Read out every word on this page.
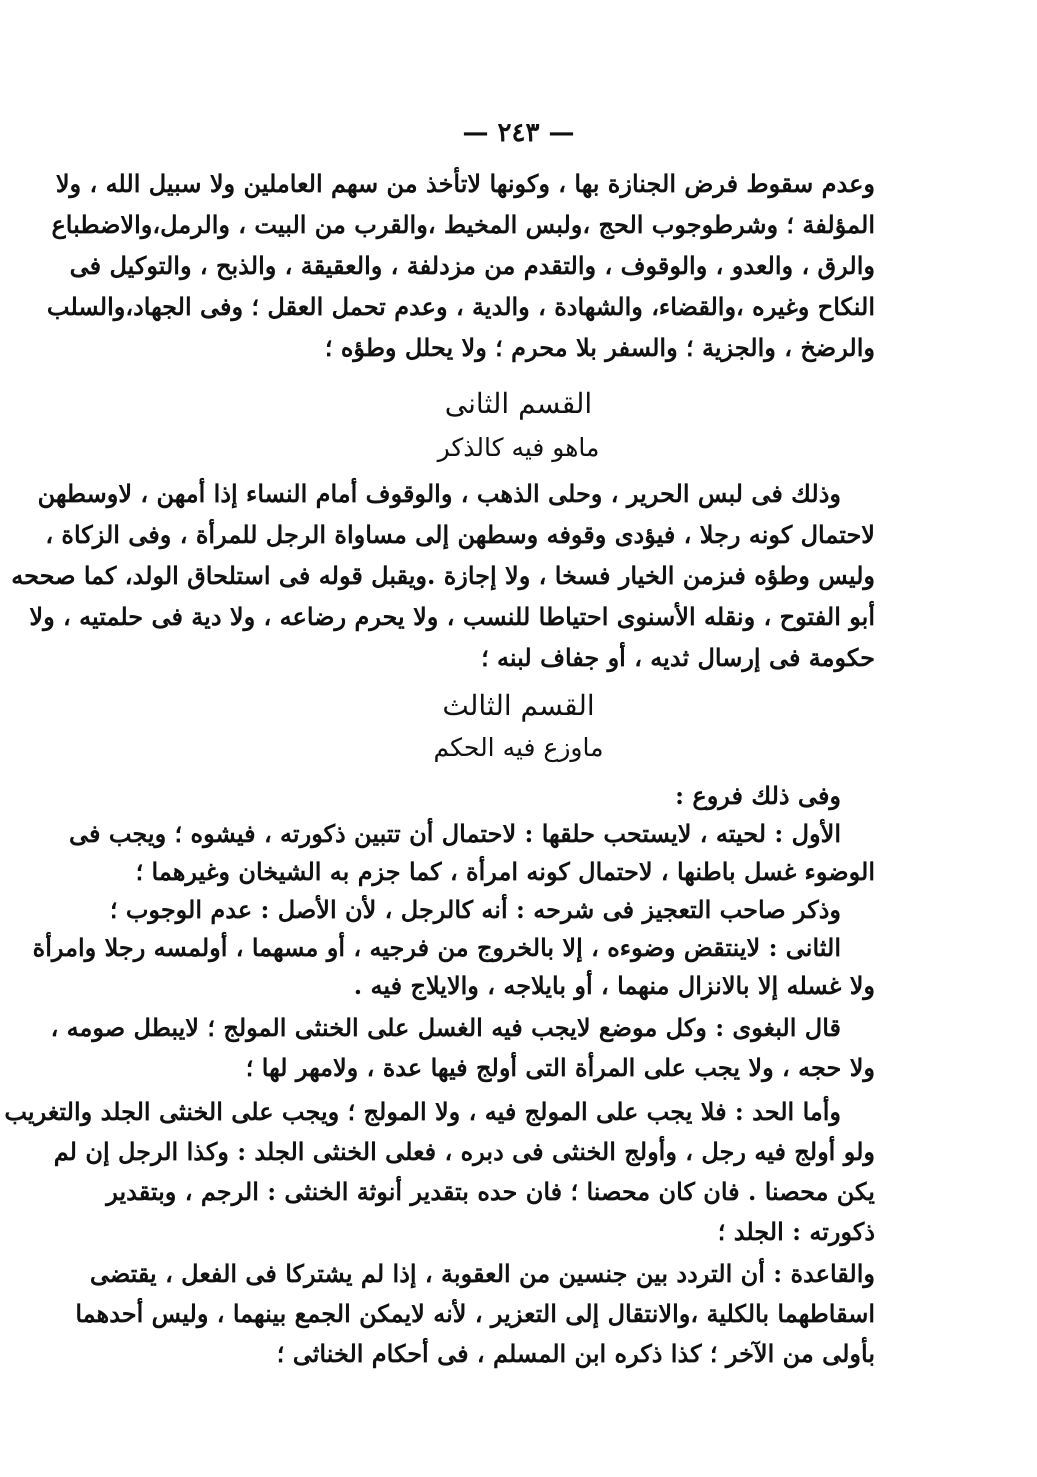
— ٢٤٣ —
وعدم سقوط فرض الجنازة بها ، وكونها لاتأخذ من سهم العاملين ولا سبيل الله ، ولا
المؤلفة ؛ وشرطوجوب الحج ،ولبس المخيط ،والقرب من البيت ، والرمل،والاضطباع
والرق ، والعدو ، والوقوف ، والتقدم من مزدلفة ، والعقيقة ، والذبح ، والتوكيل فى
النكاح وغيره ،والقضاء، والشهادة ، والدية ، وعدم تحمل العقل ؛ وفى الجهاد،والسلب
والرضخ ، والجزية ؛ والسفر بلا محرم ؛ ولا يحلل وطؤه ؛
القسم الثانى
ماهو فيه كالذكر
وذلك فى لبس الحرير ، وحلى الذهب ، والوقوف أمام النساء إذا أمهن ، لاوسطهن
لاحتمال كونه رجلا ، فيؤدى وقوفه وسطهن إلى مساواة الرجل للمرأة ، وفى الزكاة ،
وليس وطؤه فىزمن الخيار فسخا ، ولا إجازة .ويقبل قوله فى استلحاق الولد، كما صححه
أبو الفتوح ، ونقله الأسنوى احتياطا للنسب ، ولا يحرم رضاعه ، ولا دية فى حلمتيه ، ولا
حكومة فى إرسال ثديه ، أو جفاف لبنه ؛
القسم الثالث
ماوزع فيه الحكم
وفى ذلك فروع :
الأول : لحيته ، لايستحب حلقها : لاحتمال أن تتبين ذكورته ، فيشوه ؛ ويجب فى
الوضوء غسل باطنها ، لاحتمال كونه امرأة ، كما جزم به الشيخان وغيرهما ؛
وذكر صاحب التعجيز فى شرحه : أنه كالرجل ، لأن الأصل : عدم الوجوب ؛
الثانى : لاينتقض وضوءه ، إلا بالخروج من فرجيه ، أو مسهما ، أولمسه رجلا وامرأة
ولا غسله إلا بالانزال منهما ، أو بايلاجه ، والايلاج فيه .
قال البغوى : وكل موضع لايجب فيه الغسل على الخنثى المولج ؛ لايبطل صومه ،
ولا حجه ، ولا يجب على المرأة التى أولج فيها عدة ، ولامهر لها ؛
وأما الحد : فلا يجب على المولج فيه ، ولا المولج ؛ ويجب على الخنثى الجلد والتغريب
ولو أولج فيه رجل ، وأولج الخنثى فى دبره ، فعلى الخنثى الجلد : وكذا الرجل إن لم
يكن محصنا . فان كان محصنا ؛ فان حده بتقدير أنوثة الخنثى : الرجم ، وبتقدير
ذكورته : الجلد ؛
والقاعدة : أن التردد بين جنسين من العقوبة ، إذا لم يشتركا فى الفعل ، يقتضى
اسقاطهما بالكلية ،والانتقال إلى التعزير ، لأنه لايمكن الجمع بينهما ، وليس أحدهما
بأولى من الآخر ؛ كذا ذكره ابن المسلم ، فى أحكام الخناثى ؛
